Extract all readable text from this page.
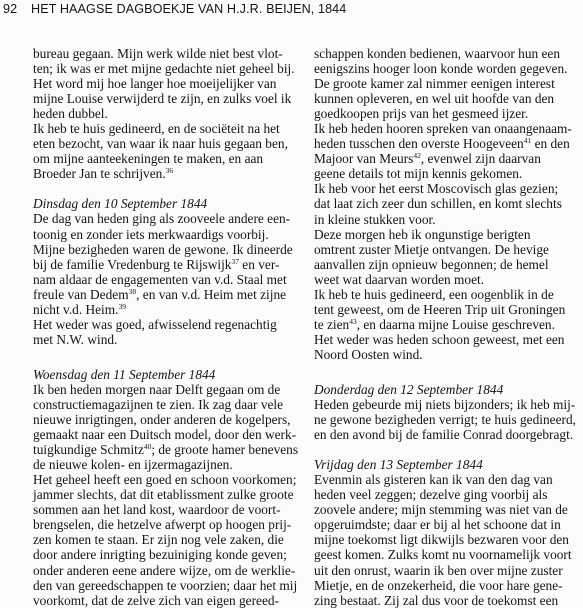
92 HET HAAGSE DAGBOEKJE VAN H.J.R. BEIJEN, 1844
bureau gegaan. Mijn werk wilde niet best vlot-
ten; ik was er met mijne gedachte niet geheel bij.
Het word mij hoe langer hoe moeijelijker van
mijne Louise verwijderd te zijn, en zulks voel ik
heden dubbel.
Ik heb te huis gedineerd, en de sociëteit na het
eten bezocht, van waar ik naar huis gegaan ben,
om mijne aanteekeningen te maken, en aan
Broeder Jan te schrijven.$^{36}$
Dinsdag den 10 September 1844
De dag van heden ging als zooveele andere een-
toonig en zonder iets merkwaardigs voorbij.
Mijne bezigheden waren de gewone. Ik dineerde
bij de familie Vredenburg te Rijswijk$^{37}$ en ver-
nam aldaar de engagementen van v.d. Staal met
freule van Dedem$^{38}$, en van v.d. Heim met zijne
nicht v.d. Heim.$^{39}$
Het weder was goed, afwisselend regenachtig
met N.W. wind.
Woensdag den 11 September 1844
Ik ben heden morgen naar Delft gegaan om de
constructiemagazijnen te zien. Ik zag daar vele
nieuwe inrigtingen, onder anderen de kogelpers,
gemaakt naar een Duitsch model, door den werk-
tuigkundige Schmitz$^{40}$; de groote hamer benevens
de nieuwe kolen- en ijzermagazijnen.
Het geheel heeft een goed en schoon voorkomen;
jammer slechts, dat dit etablissment zulke groote
sommen aan het land kost, waardoor de voort-
brengselen, die hetzelve afwerpt op hoogen prij-
zen komen te staan. Er zijn nog vele zaken, die
door andere inrigting bezuiniging konde geven;
onder anderen eene andere wijze, om de werklie-
den van gereedschappen te voorzien; daar het mij
voorkomt, dat de zelve zich van eigen gereed-
schappen konden bedienen, waarvoor hun een
eenigszins hooger loon konde worden gegeven.
De groote kamer zal nimmer eenigen interest
kunnen opleveren, en wel uit hoofde van den
goedkoopen prijs van het gesmeed ijzer.
Ik heb heden hooren spreken van onaangenaam-
heden tusschen den overste Hoogeveen$^{41}$ en den
Majoor van Meurs$^{42}$, evenwel zijn daarvan
geene details tot mijn kennis gekomen.
Ik heb voor het eerst Moscovisch glas gezien;
dat laat zich zeer dun schillen, en komt slechts
in kleine stukken voor.
Deze morgen heb ik ongunstige berigten
omtrent zuster Mietje ontvangen. De hevige
aanvallen zijn opnieuw begonnen; de hemel
weet wat daarvan worden moet.
Ik heb te huis gedineerd, een oogenblik in de
tent geweest, om de Heeren Trip uit Groningen
te zien$^{43}$, en daarna mijne Louise geschreven.
Het weder was heden schoon geweest, met een
Noord Oosten wind.
Donderdag den 12 September 1844
Heden gebeurde mij niets bijzonders; ik heb mij-
ne gewone bezigheden verrigt; te huis gedineerd,
en den avond bij de familie Conrad doorgebragt.
Vrijdag den 13 September 1844
Evenmin als gisteren kan ik van den dag van
heden veel zeggen; dezelve ging voorbij als
zoovele andere; mijn stemming was niet van de
opgeruimdste; daar er bij al het schoone dat in
mijne toekomst ligt dikwijls bezwaren voor den
geest komen. Zulks komt nu voornamelijk voort
uit den onrust, waarin ik ben over mijne zuster
Mietje, en de onzekerheid, die voor hare gene-
zing bestaat. Zij zal dus voor de toekomst een
